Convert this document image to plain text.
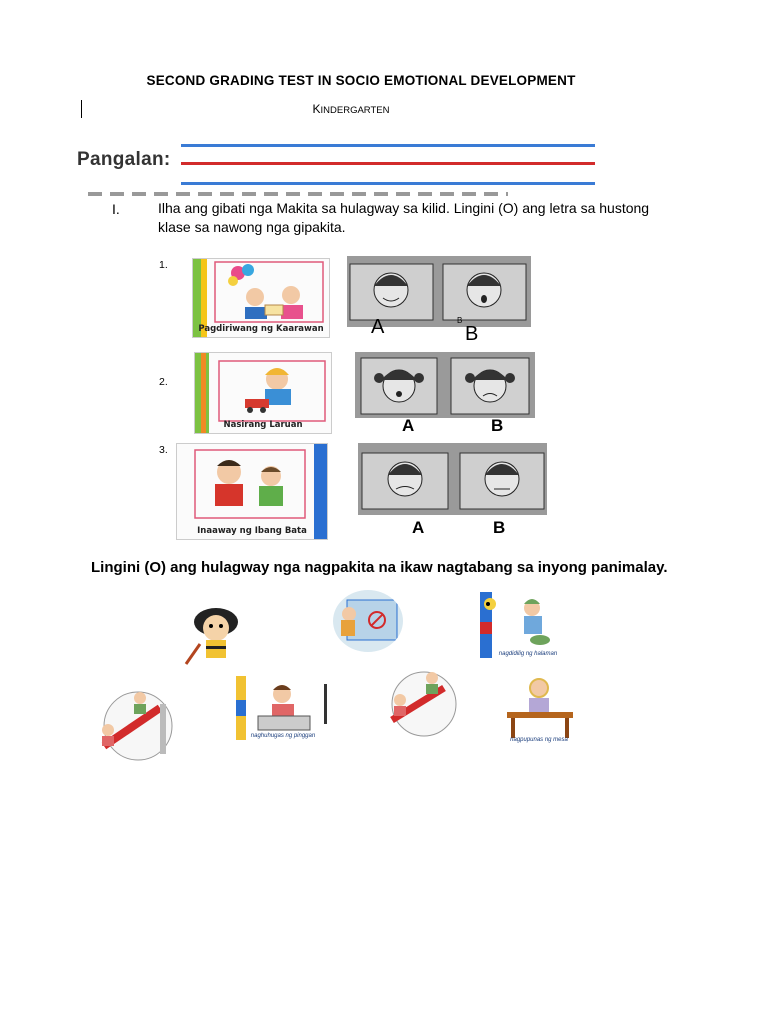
SECOND GRADING TEST IN SOCIO EMOTIONAL DEVELOPMENT
KINDERGARTEN
Pangalan:
I.	Ilha ang gibati nga Makita sa hulagway sa kilid. Lingini (O) ang letra sa hustong klase sa nawong nga gipakita.
1.
Pagdiriwang ng Kaarawan A	B
B
2.
Nasirang Laruan	A	B
3.
Inaaway ng Ibang Bata	A	B
Lingini (O) ang hulagway nga nagpakita na ikaw nagtabang sa inyong panimalay.
nagdidilig ng halaman
naghuhugas ng pinggan
nagpupunas ng mesa
